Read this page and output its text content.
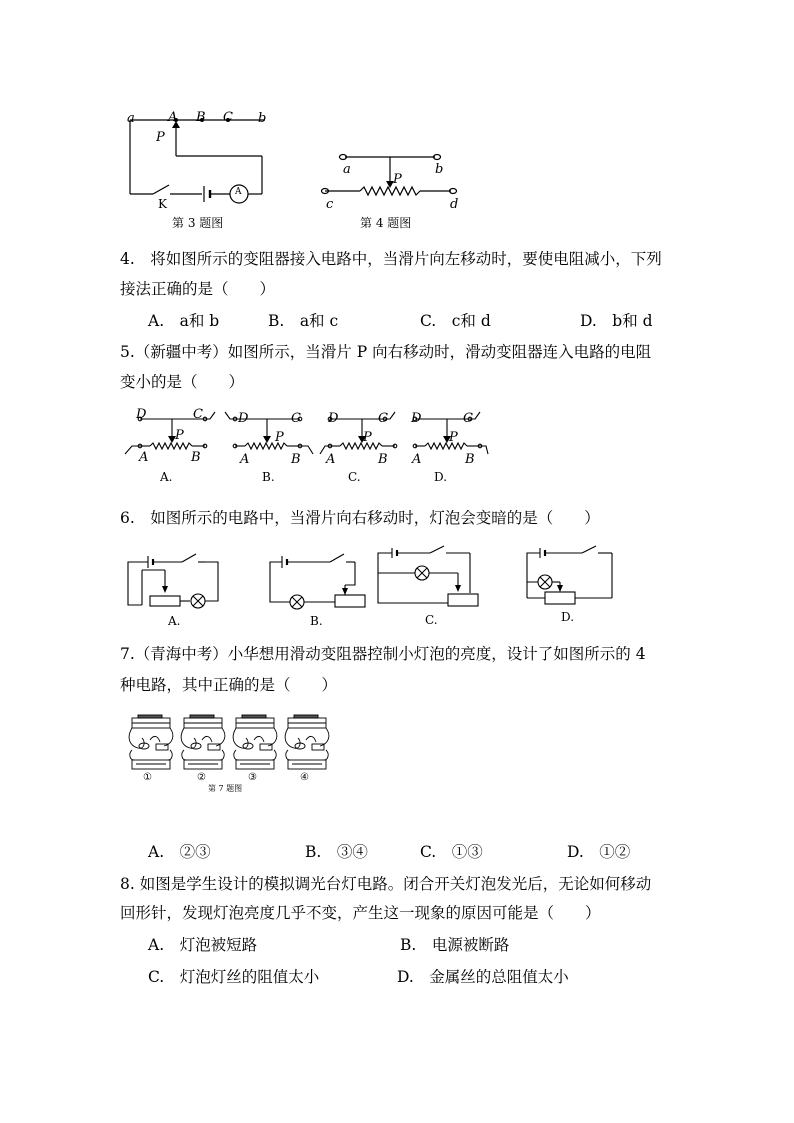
a	A B C b
P
K
A
第 3 题图
a	b
P
c	d
第 4 题图
4.　将如图所示的变阻器接入电路中，当滑片向左移动时，要使电阻减小，下列
接法正确的是（　　）
A.　a和 b	B.　a和 c	C.　c和 d	D.　b和 d
5.（新疆中考）如图所示，当滑片 P 向右移动时，滑动变阻器连入电路的电阻
变小的是（　　）
D	C
P
A	B
D	C
P
A	B
D	C
P
A	B
D	C
P
A	B
A.	B.	C.	D.
6.　如图所示的电路中，当滑片向右移动时，灯泡会变暗的是（　　）
A.	B.	C.	D.
7.（青海中考）小华想用滑动变阻器控制小灯泡的亮度，设计了如图所示的 4
种电路，其中正确的是（　　）
①	②	③	④
第 7 题图
A.　②③	B.　③④	C.　①③	D.　①②
8. 如图是学生设计的模拟调光台灯电路。闭合开关灯泡发光后，无论如何移动
回形针，发现灯泡亮度几乎不变，产生这一现象的原因可能是（　　）
A.　灯泡被短路	B.　电源被断路
C.　灯泡灯丝的阻值太小	D.　金属丝的总阻值太小
